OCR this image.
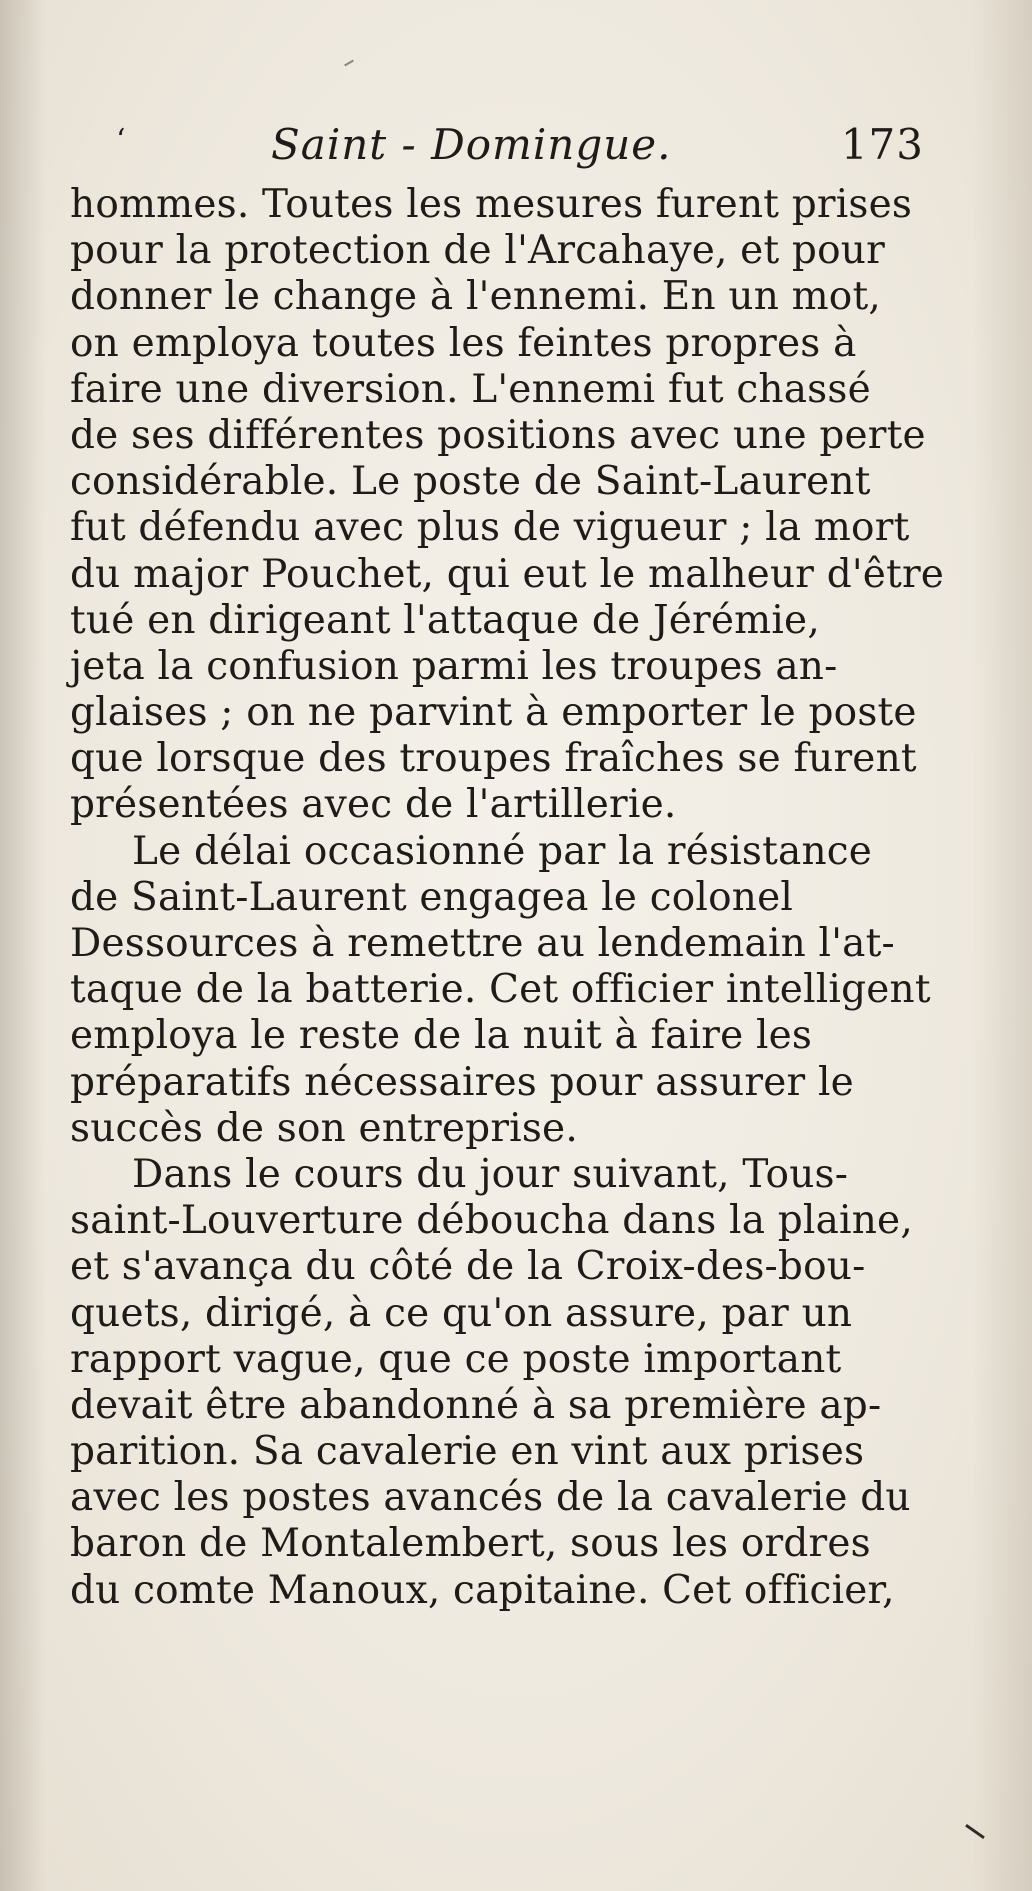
‘	Saint - Domingue.	173
hommes. Toutes les mesures furent prises
pour la protection de l'Arcahaye, et pour
donner le change à l'ennemi. En un mot,
on employa toutes les feintes propres à
faire une diversion. L'ennemi fut chassé
de ses différentes positions avec une perte
considérable. Le poste de Saint-Laurent
fut défendu avec plus de vigueur ; la mort
du major Pouchet, qui eut le malheur d'être
tué en dirigeant l'attaque de Jérémie,
jeta la confusion parmi les troupes an-
glaises ; on ne parvint à emporter le poste
que lorsque des troupes fraîches se furent
présentées avec de l'artillerie.
Le délai occasionné par la résistance
de Saint-Laurent engagea le colonel
Dessources à remettre au lendemain l'at-
taque de la batterie. Cet officier intelligent
employa le reste de la nuit à faire les
préparatifs nécessaires pour assurer le
succès de son entreprise.
Dans le cours du jour suivant, Tous-
saint-Louverture déboucha dans la plaine,
et s'avança du côté de la Croix-des-bou-
quets, dirigé, à ce qu'on assure, par un
rapport vague, que ce poste important
devait être abandonné à sa première ap-
parition. Sa cavalerie en vint aux prises
avec les postes avancés de la cavalerie du
baron de Montalembert, sous les ordres
du comte Manoux, capitaine. Cet officier,
